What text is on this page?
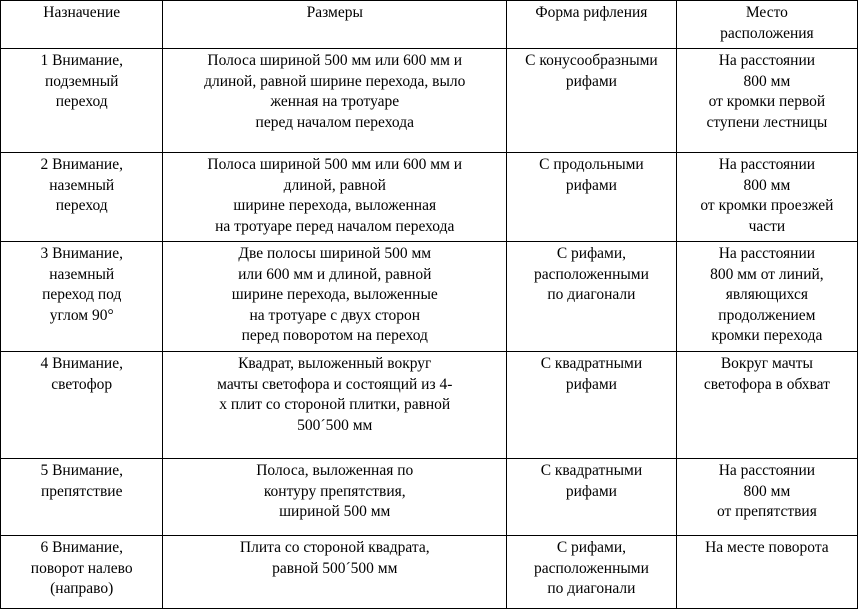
Назначение	Размеры	Форма рифления	Место
расположения
1 Внимание,
подземный
переход	Полоса шириной 500 мм или 600 мм и
длиной, равной ширине перехода, выло
женная на тротуаре
перед началом перехода	С конусообразными
рифами	На расстоянии
800 мм
от кромки первой
ступени лестницы
2 Внимание,
наземный
переход	Полоса шириной 500 мм или 600 мм и
длиной, равной
ширине перехода, выложенная
на тротуаре перед началом перехода	С продольными
рифами	На расстоянии
800 мм
от кромки проезжей
части
3 Внимание,
наземный
переход под
углом 90°	Две полосы шириной 500 мм
или 600 мм и длиной, равной
ширине перехода, выложенные
на тротуаре с двух сторон
перед поворотом на переход	С рифами,
расположенными
по диагонали	На расстоянии
800 мм от линий,
являющихся
продолжением
кромки перехода
4 Внимание,
светофор	Квадрат, выложенный вокруг
мачты светофора и состоящий из 4-
х плит со стороной плитки, равной
500´500 мм	С квадратными
рифами	Вокруг мачты
светофора в обхват
5 Внимание,
препятствие	Полоса, выложенная по
контуру препятствия,
шириной 500 мм	С квадратными
рифами	На расстоянии
800 мм
от препятствия
6 Внимание,
поворот налево
(направо)	Плита со стороной квадрата,
равной 500´500 мм	С рифами,
расположенными
по диагонали	На месте поворота
